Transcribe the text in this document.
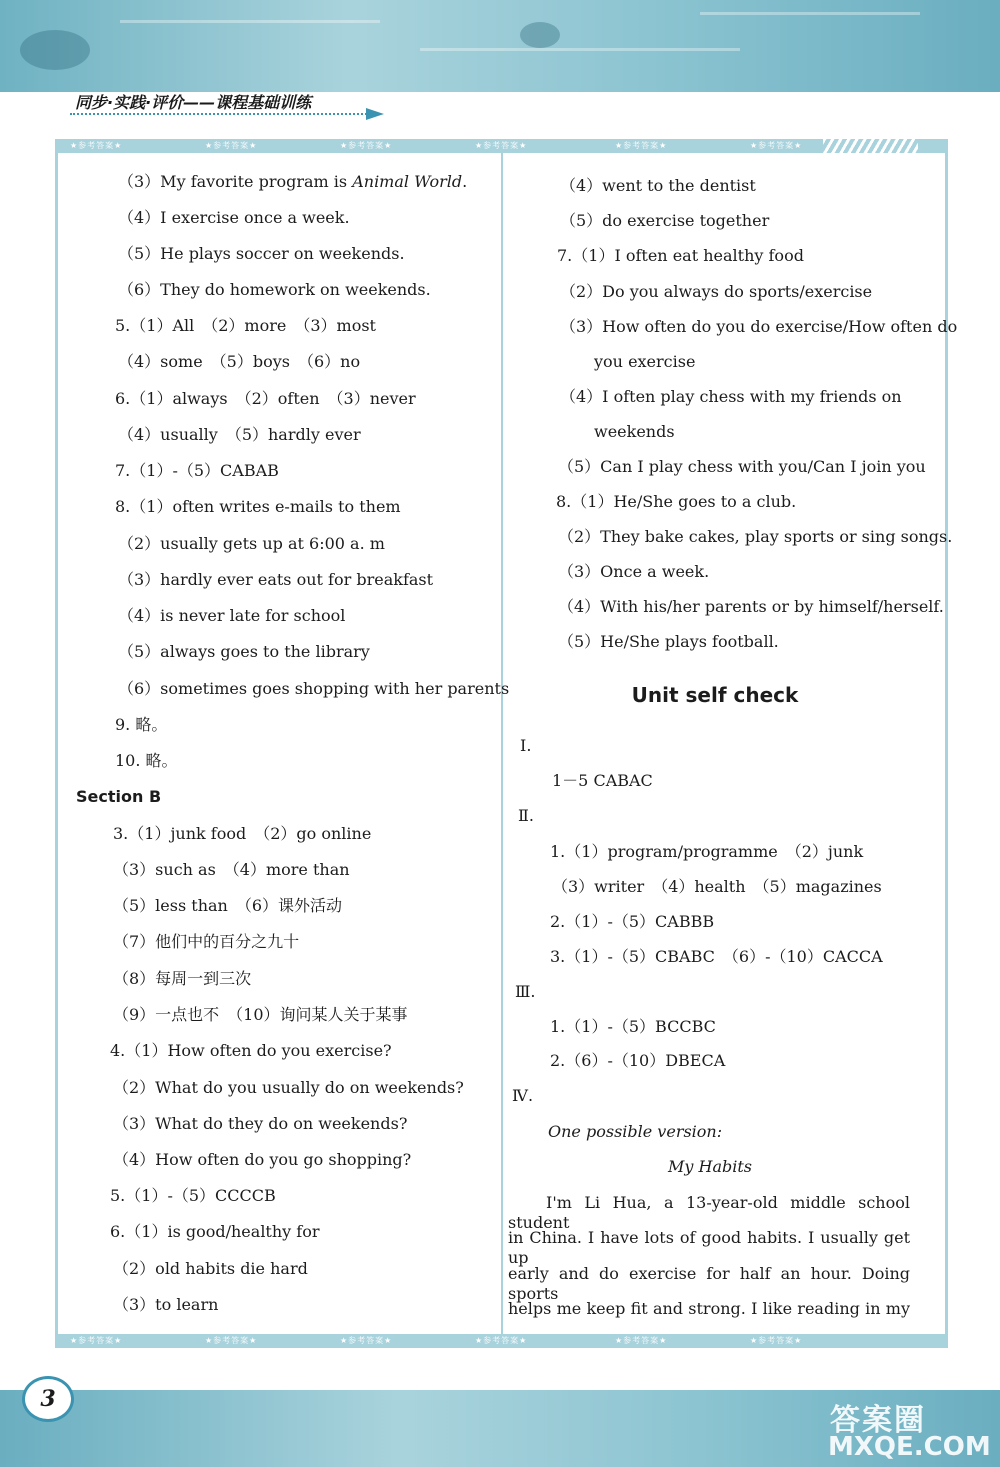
同步·实践·评价——课程基础训练
★参考答案★	★参考答案★	★参考答案★	★参考答案★	★参考答案★	★参考答案★
★参考答案★	★参考答案★	★参考答案★	★参考答案★	★参考答案★	★参考答案★
（3）My favorite program is Animal World.
（4）I exercise once a week.
（5）He plays soccer on weekends.
（6）They do homework on weekends.
5.（1）All　（2）more　（3）most
（4）some　（5）boys　（6）no
6.（1）always　（2）often　（3）never
（4）usually　（5）hardly ever
7.（1）-（5）CABAB
8.（1）often writes e-mails to them
（2）usually gets up at 6:00 a. m
（3）hardly ever eats out for breakfast
（4）is never late for school
（5）always goes to the library
（6）sometimes goes shopping with her parents
9. 略。
10. 略。
Section B
3.（1）junk food　（2）go online
（3）such as　（4）more than
（5）less than　（6）课外活动
（7）他们中的百分之九十
（8）每周一到三次
（9）一点也不　（10）询问某人关于某事
4.（1）How often do you exercise?
（2）What do you usually do on weekends?
（3）What do they do on weekends?
（4）How often do you go shopping?
5.（1）-（5）CCCCB
6.（1）is good/healthy for
（2）old habits die hard
（3）to learn
（4）went to the dentist
（5）do exercise together
7.（1）I often eat healthy food
（2）Do you always do sports/exercise
（3）How often do you do exercise/How often do
you exercise
（4）I often play chess with my friends on
weekends
（5）Can I play chess with you/Can I join you
8.（1）He/She goes to a club.
（2）They bake cakes, play sports or sing songs.
（3）Once a week.
（4）With his/her parents or by himself/herself.
（5）He/She plays football.
Unit self check
Ⅰ.
1－5 CABAC
Ⅱ.
1.（1）program/programme　（2）junk
（3）writer　（4）health　（5）magazines
2.（1）-（5）CABBB
3.（1）-（5）CBABC　（6）-（10）CACCA
Ⅲ.
1.（1）-（5）BCCBC
2.（6）-（10）DBECA
Ⅳ.
One possible version:
My Habits
I'm Li Hua, a 13-year-old middle school student
in China. I have lots of good habits. I usually get up
early and do exercise for half an hour. Doing sports
helps me keep fit and strong. I like reading in my
3
答案圈
MXQE.COM
